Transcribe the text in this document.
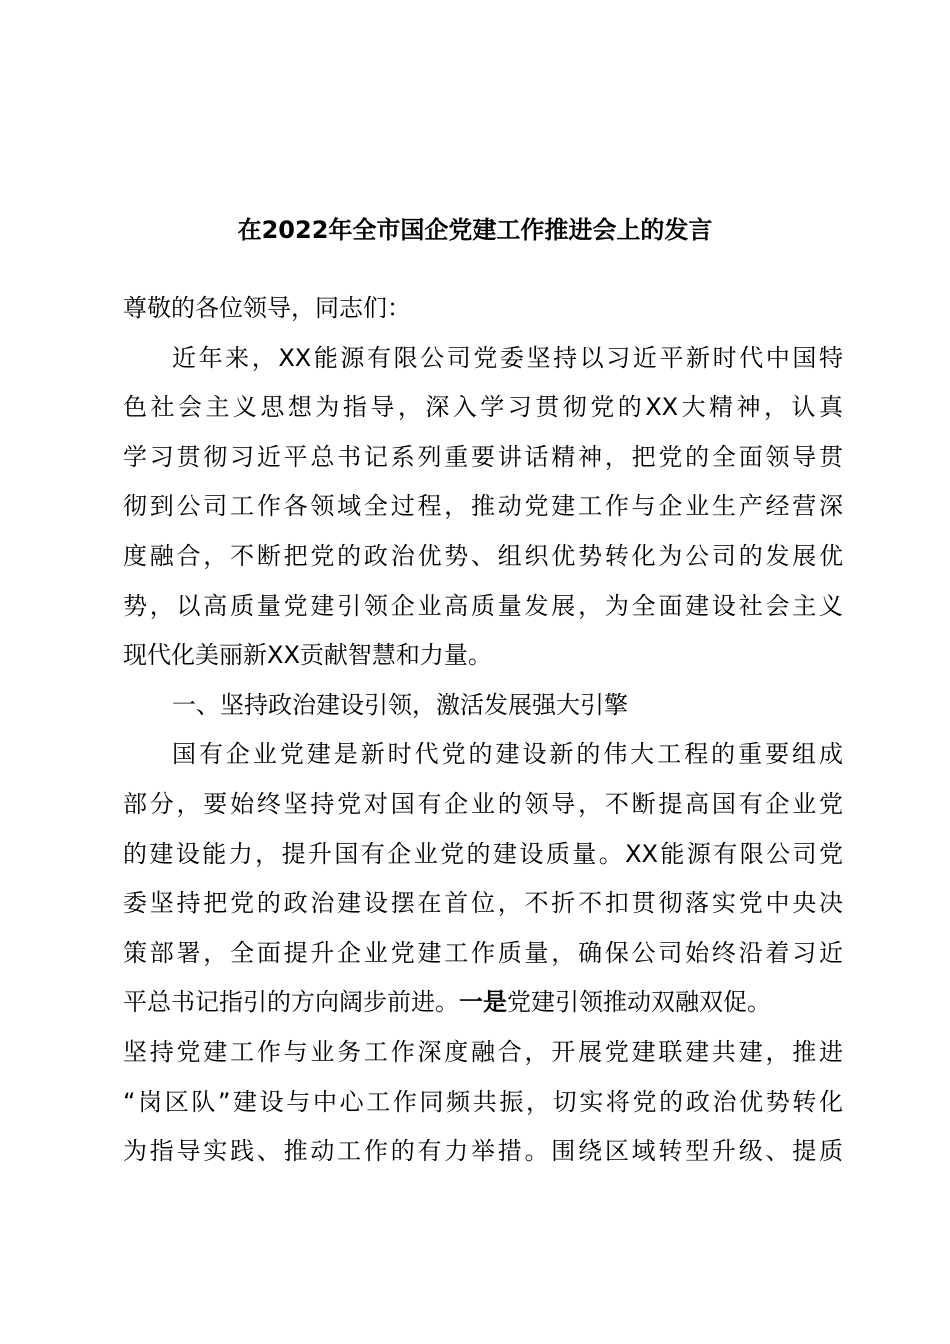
在2022年全市国企党建工作推进会上的发言
尊敬的各位领导，同志们：
近年来，XX能源有限公司党委坚持以习近平新时代中国特
色社会主义思想为指导，深入学习贯彻党的XX大精神，认真
学习贯彻习近平总书记系列重要讲话精神，把党的全面领导贯
彻到公司工作各领域全过程，推动党建工作与企业生产经营深
度融合，不断把党的政治优势、组织优势转化为公司的发展优
势，以高质量党建引领企业高质量发展，为全面建设社会主义
现代化美丽新XX贡献智慧和力量。
一、坚持政治建设引领，激活发展强大引擎
国有企业党建是新时代党的建设新的伟大工程的重要组成
部分，要始终坚持党对国有企业的领导，不断提高国有企业党
的建设能力，提升国有企业党的建设质量。XX能源有限公司党
委坚持把党的政治建设摆在首位，不折不扣贯彻落实党中央决
策部署，全面提升企业党建工作质量，确保公司始终沿着习近
平总书记指引的方向阔步前进。一是党建引领推动双融双促。
坚持党建工作与业务工作深度融合，开展党建联建共建，推进
“岗区队”建设与中心工作同频共振，切实将党的政治优势转化
为指导实践、推动工作的有力举措。围绕区域转型升级、提质
